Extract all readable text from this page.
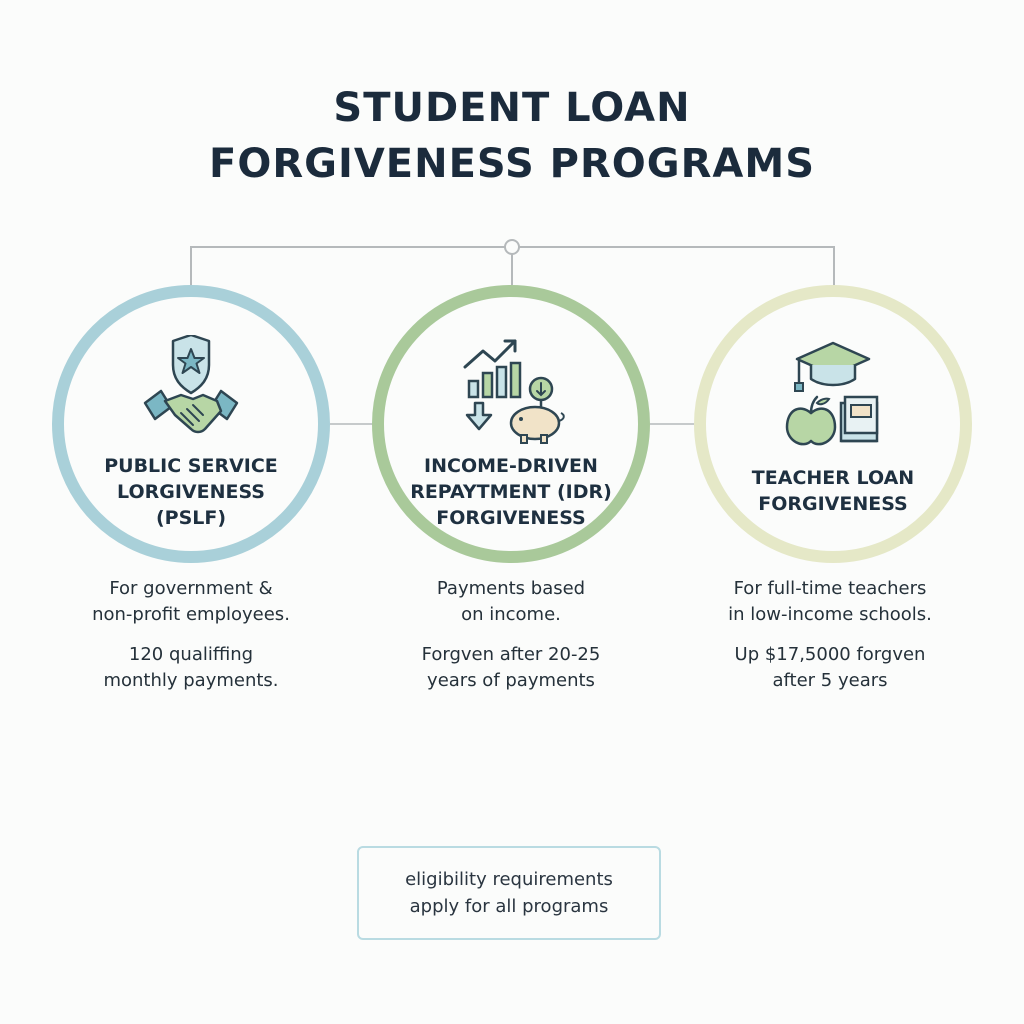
STUDENT LOAN
FORGIVENESS PROGRAMS
PUBLIC SERVICE
LORGIVENESS
(PSLF)
INCOME-DRIVEN
REPAYTMENT (IDR)
FORGIVENESS
TEACHER LOAN
FORGIVENESS

For government &
non-profit employees.

120 qualiffing
monthly payments.

Payments based
on income.

Forgven after 20-25
years of payments

For full-time teachers
in low-income schools.

Up $17,5000 forgven
after 5 years

eligibility requirements
apply for all programs
